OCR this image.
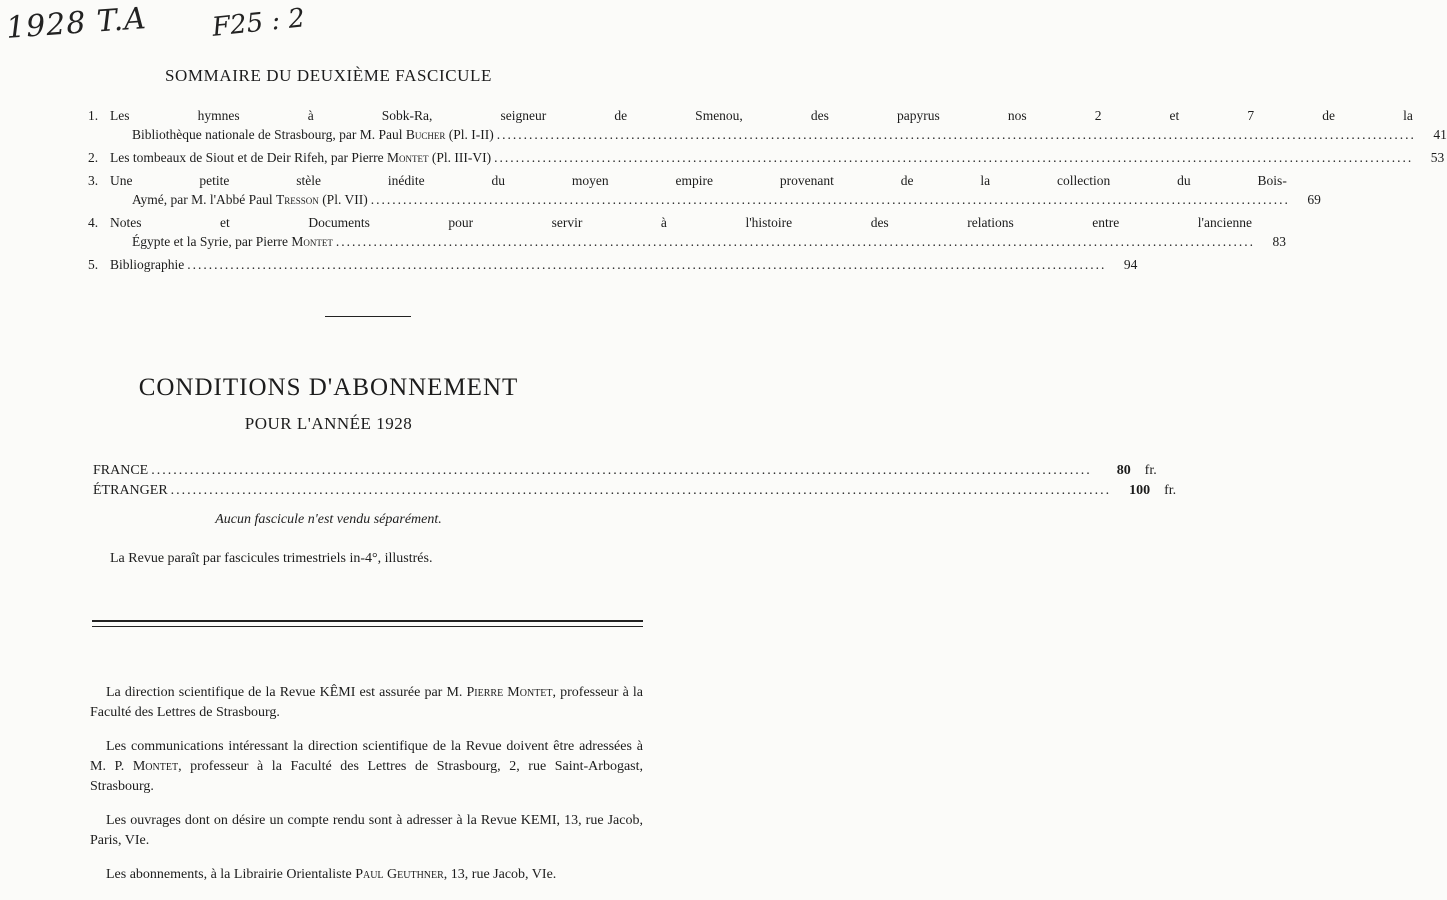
1928 T.A F25 : 2
SOMMAIRE DU DEUXIÈME FASCICULE
1. Les hymnes à Sobk-Ra, seigneur de Smenou, des papyrus nos 2 et 7 de la
Bibliothèque nationale de Strasbourg, par M. Paul Bucher (Pl. I-II) .....	41
2. Les tombeaux de Siout et de Deir Rifeh, par Pierre Montet (Pl. III-VI) .....	53
3. Une petite stèle inédite du moyen empire provenant de la collection du Bois-
Aymé, par M. l'Abbé Paul Tresson (Pl. VII) .....	69
4. Notes et Documents pour servir à l'histoire des relations entre l'ancienne
Égypte et la Syrie, par Pierre Montet .....	83
5. Bibliographie .....	94
CONDITIONS D'ABONNEMENT
POUR L'ANNÉE 1928
FRANCE .....	80 fr.
ÉTRANGER .....	100 fr.
Aucun fascicule n'est vendu séparément.
La Revue paraît par fascicules trimestriels in-4°, illustrés.

La direction scientifique de la Revue KÊMI est assurée par M. Pierre Montet, professeur à la Faculté des Lettres de Strasbourg.

Les communications intéressant la direction scientifique de la Revue doivent être adressées à M. P. Montet, professeur à la Faculté des Lettres de Strasbourg, 2, rue Saint-Arbogast, Strasbourg.

Les ouvrages dont on désire un compte rendu sont à adresser à la Revue KEMI, 13, rue Jacob, Paris, VIe.

Les abonnements, à la Librairie Orientaliste Paul Geuthner, 13, rue Jacob, VIe.
